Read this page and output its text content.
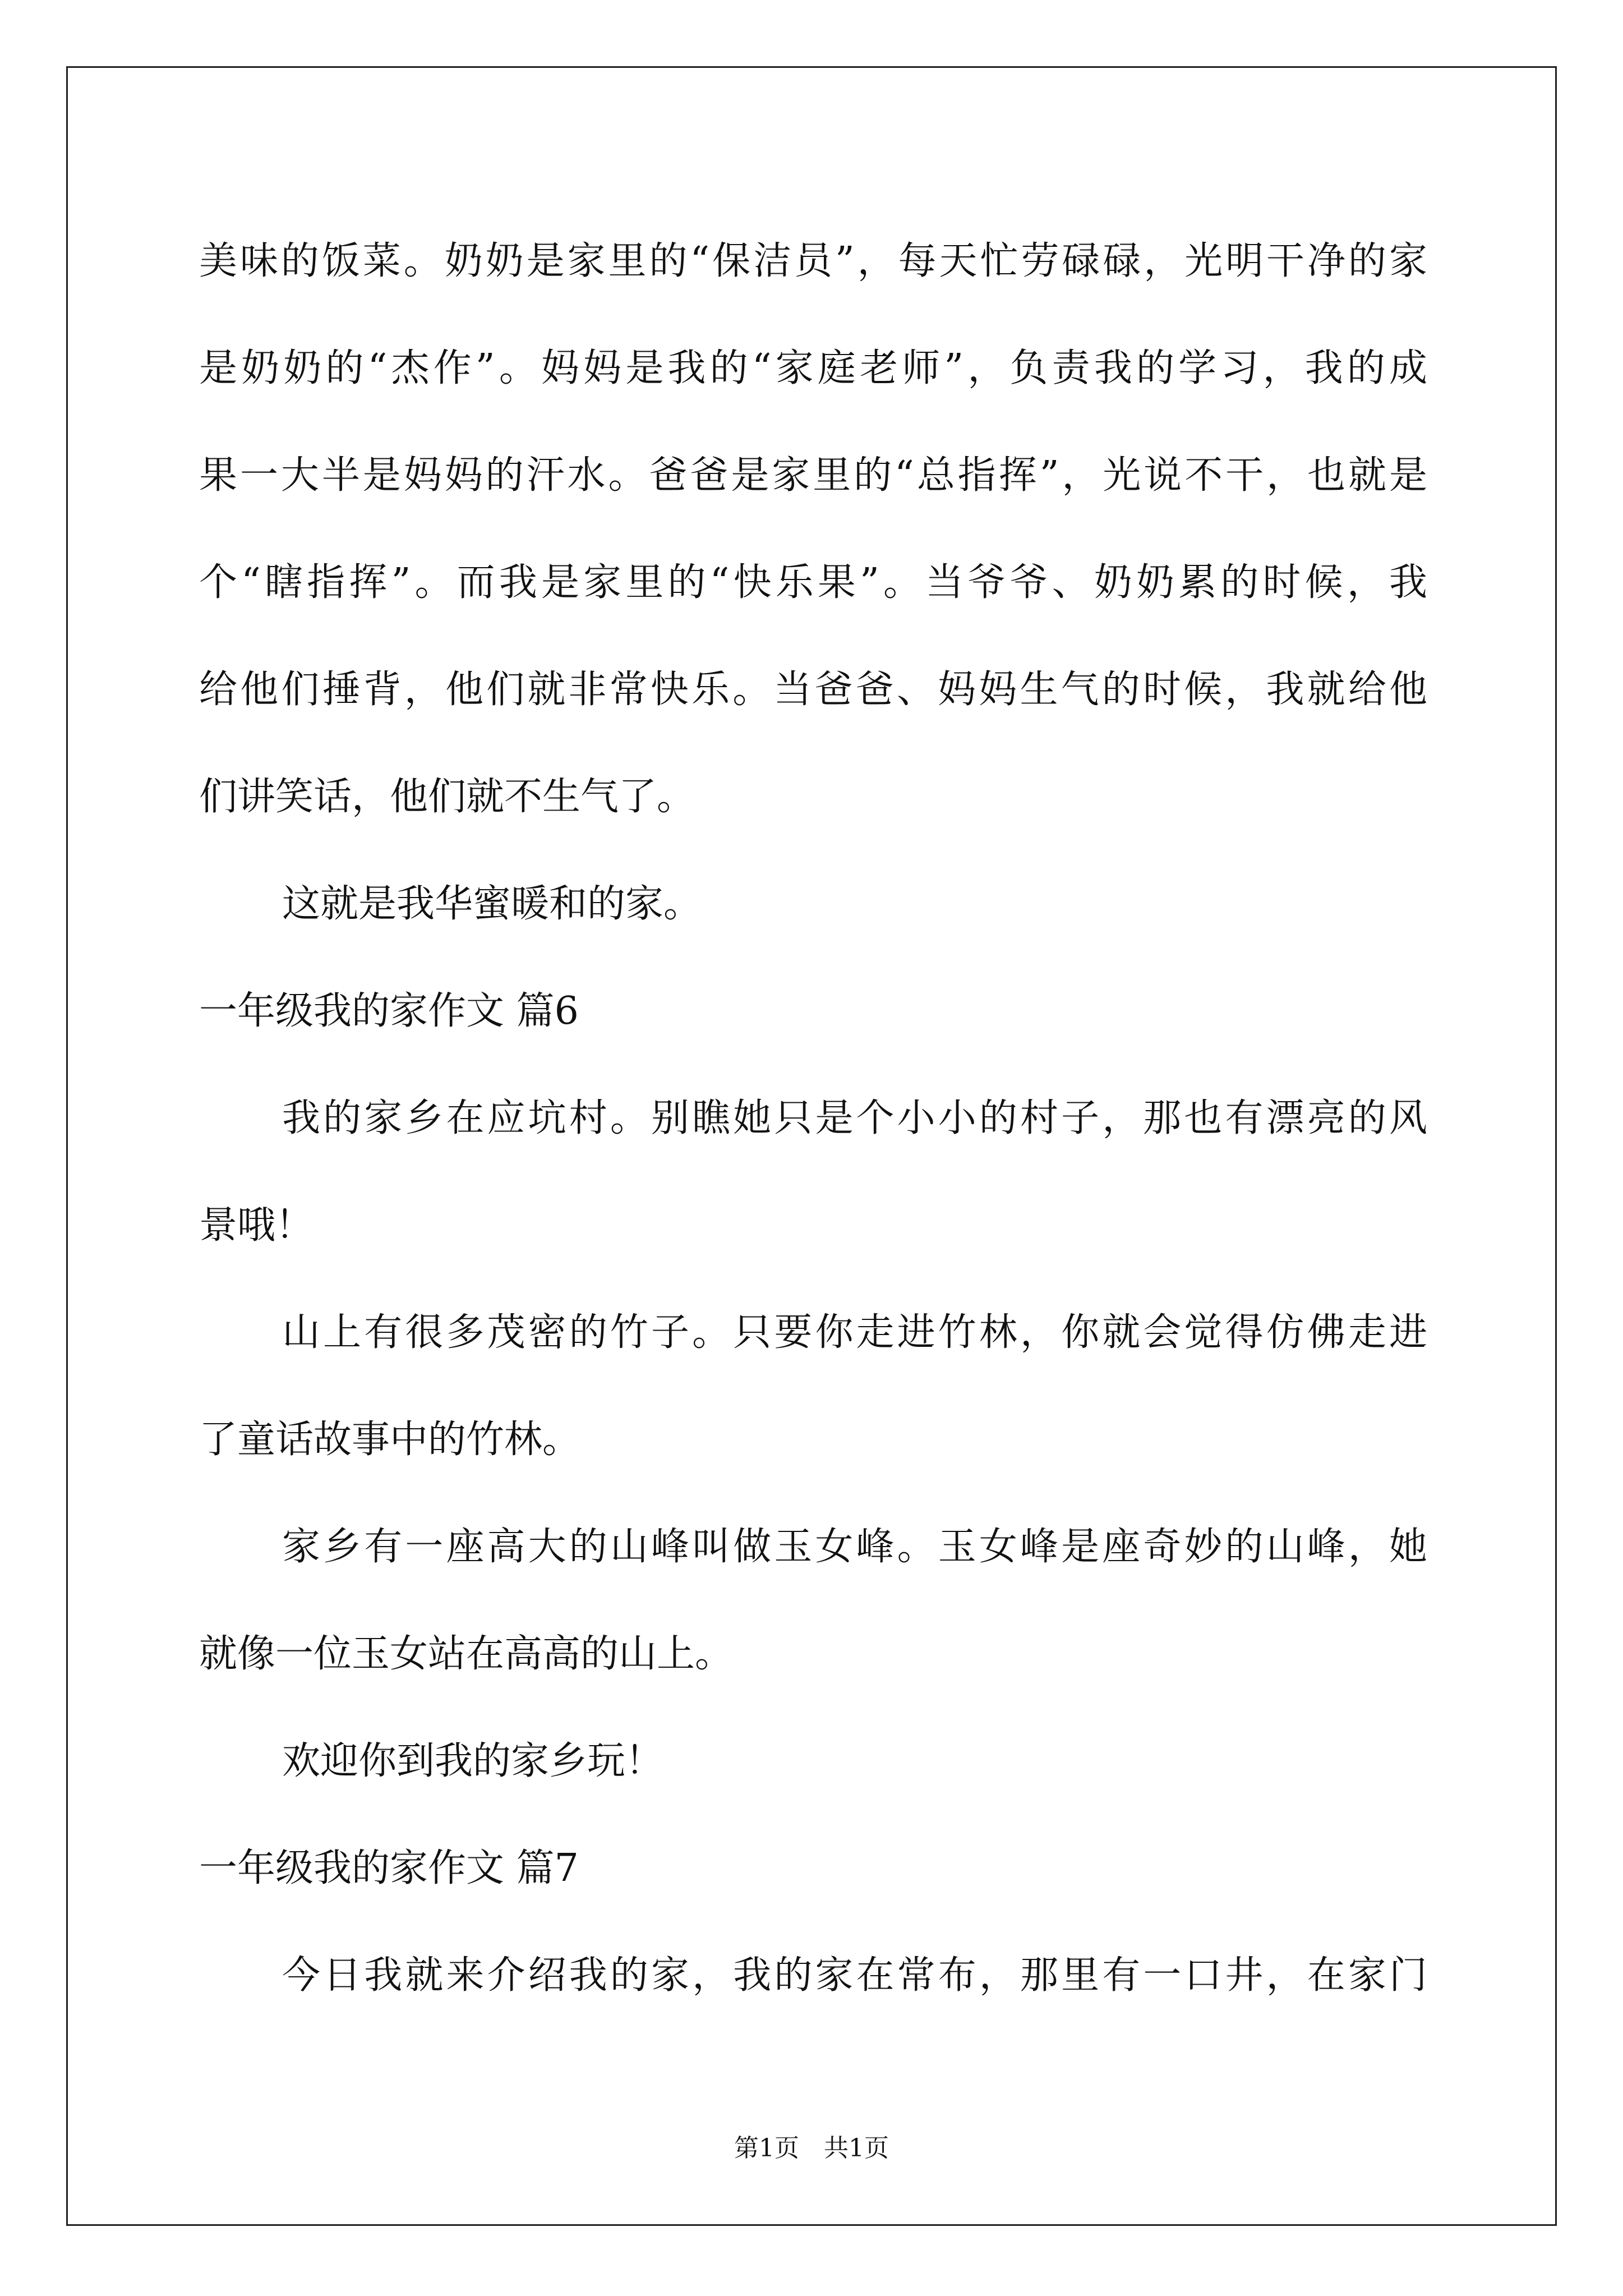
美味的饭菜。奶奶是家里的“保洁员”，每天忙劳碌碌，光明干净的家
是奶奶的“杰作”。妈妈是我的“家庭老师”，负责我的学习，我的成
果一大半是妈妈的汗水。爸爸是家里的“总指挥”，光说不干，也就是
个“瞎指挥”。而我是家里的“快乐果”。当爷爷、奶奶累的时候，我
给他们捶背，他们就非常快乐。当爸爸、妈妈生气的时候，我就给他
们讲笑话，他们就不生气了。
这就是我华蜜暖和的家。
一年级我的家作文 篇6
我的家乡在应坑村。别瞧她只是个小小的村子，那也有漂亮的风
景哦！
山上有很多茂密的竹子。只要你走进竹林，你就会觉得仿佛走进
了童话故事中的竹林。
家乡有一座高大的山峰叫做玉女峰。玉女峰是座奇妙的山峰，她
就像一位玉女站在高高的山上。
欢迎你到我的家乡玩！
一年级我的家作文 篇7
今日我就来介绍我的家，我的家在常布，那里有一口井，在家门
第1页 共1页
